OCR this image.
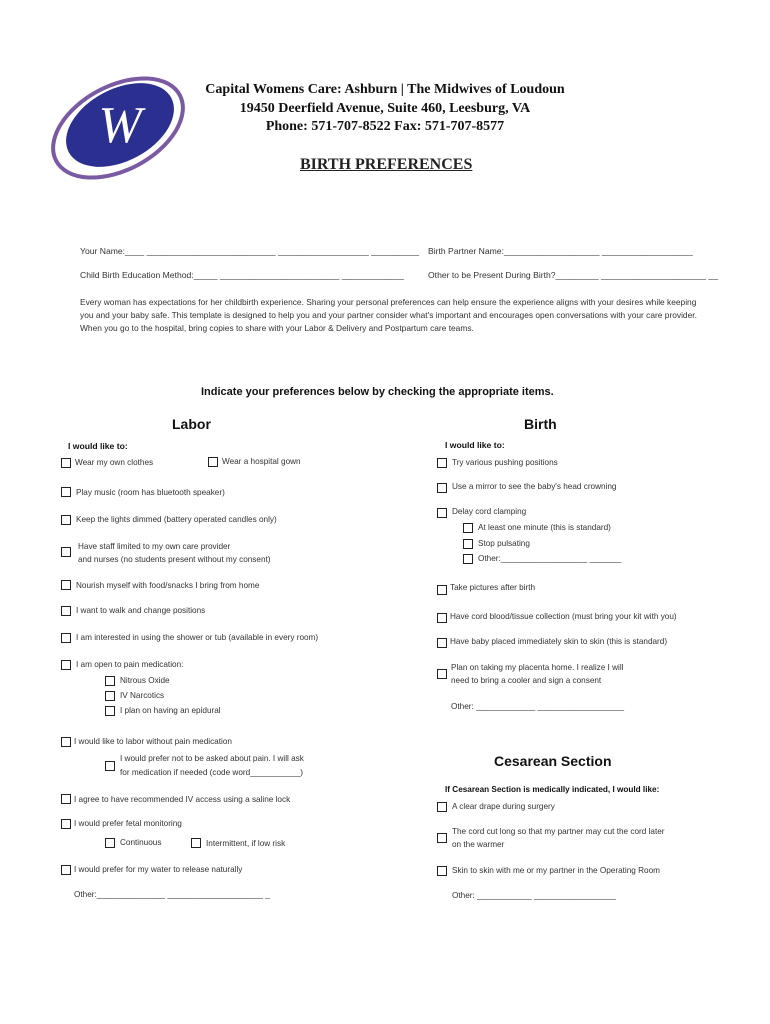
W
Capital Womens Care: Ashburn | The Midwives of Loudoun
19450 Deerfield Avenue, Suite 460, Leesburg, VA
Phone: 571-707-8522 Fax: 571-707-8577
BIRTH PREFERENCES
Your Name:____ ___________________________ ___________________ __________ Birth Partner Name:____________________ ___________________
Child Birth Education Method:_____ _________________________ _____________	Other to be Present During Birth?_________ ______________________ __
Every woman has expectations for her childbirth experience. Sharing your personal preferences can help ensure the experience aligns with your desires while keeping you and your baby safe. This template is designed to help you and your partner consider what's important and encourages open conversations with your care provider. When you go to the hospital, bring copies to share with your Labor & Delivery and Postpartum care teams.
Indicate your preferences below by checking the appropriate items.
Labor
I would like to:
Wear my own clothes	Wear a hospital gown
Play music (room has bluetooth speaker)
Keep the lights dimmed (battery operated candles only)
Have staff limited to my own care provider
and nurses (no students present without my consent)
Nourish myself with food/snacks I bring from home
I want to walk and change positions
I am interested in using the shower or tub (available in every room)
I am open to pain medication:
Nitrous Oxide
IV Narcotics
I plan on having an epidural
I would like to labor without pain medication
I would prefer not to be asked about pain. I will ask
for medication if needed (code word___________)
I agree to have recommended IV access using a saline lock
I would prefer fetal monitoring
Continuous	Intermittent, if low risk
I would prefer for my water to release naturally
Other:_______________ _____________________ _
Birth
I would like to:
Try various pushing positions
Use a mirror to see the baby's head crowning
Delay cord clamping
At least one minute (this is standard)
Stop pulsating
Other:___________________ _______
Take pictures after birth
Have cord blood/tissue collection (must bring your kit with you)
Have baby placed immediately skin to skin (this is standard)
Plan on taking my placenta home. I realize I will
need to bring a cooler and sign a consent
Other: _____________ ___________________
Cesarean Section
If Cesarean Section is medically indicated, I would like:
A clear drape during surgery
The cord cut long so that my partner may cut the cord later
on the warmer
Skin to skin with me or my partner in the Operating Room
Other: ____________ __________________
